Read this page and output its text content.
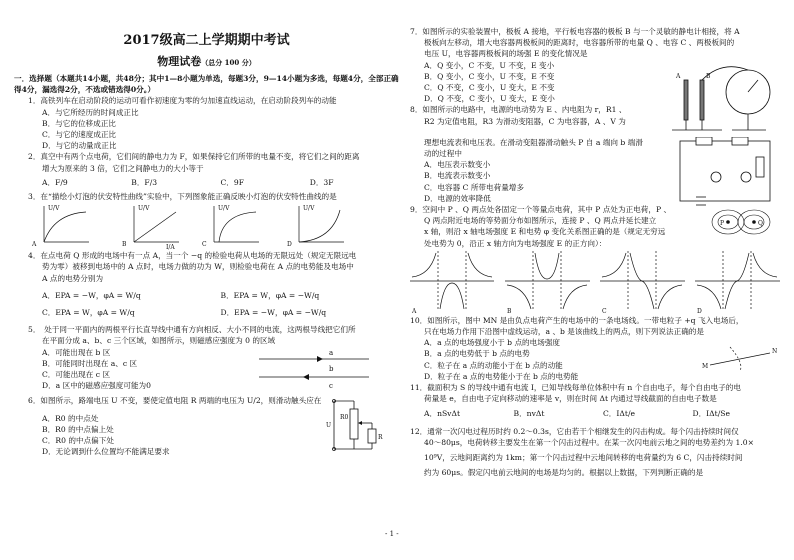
2017级高二上学期期中考试
物理试卷（总分 100 分）

一．选择题（本题共14小题，共48分；其中1—8小题为单选，每题3分，9—14小题为多选，每题4分，全部正确得4分，漏选得2分，不选或错选得0分。）

1．高铁列车在启动阶段的运动可看作初速度为零的匀加速直线运动，在启动阶段列车的动能

A．与它所经历的时间成正比

B．与它的位移成正比

C．与它的速度成正比

D．与它的动量成正比

2．真空中有两个点电荷，它们间的静电力为 F，如果保持它们所带的电量不变，将它们之间的距离

增大为原来的 3 倍，它们之间静电力的大小等于

A．F/9	B．F/3	C．9F	D．3F

3．在“描绘小灯泡的伏安特性曲线”实验中，下列图象能正确反映小灯泡的伏安特性曲线的是

U/V
A
U/V
B	I/A
U/V
C
U/V
D

4．在点电荷 Q 形成的电场中有一点 A，当一个 −q 的检验电荷从电场的无限远处（规定无限远电

势为零）被移到电场中的 A 点时，电场力做的功为 W，则检验电荷在 A 点的电势能及电场中

A 点的电势分别为

A．EPA = −W，φA = W/q	B．EPA = W，φA = −W/q
C．EPA = W，φA = W/q	D．EPA = −W，φA = −W/q

5．　处于同一平面内的两根平行长直导线中通有方向相反、大小不同的电流，这两根导线把它们所

在平面分成 a、b、c 三个区域，如图所示，则磁感应强度为 0 的区域

A．可能出现在 b 区

B．可能同时出现在 a、c 区

C．可能出现在 c 区

D．a 区中的磁感应强度可能为0

a
b
c

6．如图所示，路端电压 U 不变，要使定值电阻 R 两端的电压为 U/2，则滑动触头应在

A．R0 的中点处

B．R0 的中点偏上处

C．R0 的中点偏下处

D．无论调到什么位置均不能满足要求

U
R0
R

7．如图所示的实验装置中，极板 A 接地，平行板电容器的极板 B 与一个灵敏的静电计相接，将 A

极板向左移动，增大电容器两极板间的距离时，电容器所带的电量 Q 、电容 C 、两极板间的

电压 U，电容器两极板间的场强 E 的变化情况是

A．Q 变小，C 不变，U 不变，E 变小

B．Q 变小，C 变小，U 不变，E 不变

C．Q 不变，C 变小，U 变大，E 不变

D．Q 不变，C 变小，U 变大，E 变小

A	B

8．如图所示的电路中，电源的电动势为 E 、内电阻为 r，R1 、

R2 为定值电阻，R3 为滑动变阻器，C 为电容器，A 、V 为

理想电流表和电压表。在滑动变阻器滑动触头 P 自 a 端向 b 端滑

动的过程中

A．电压表示数变小

B．电流表示数变小

C．电容器 C 所带电荷量增多

D．电源的效率降低

9．空间中 P 、Q 两点处各固定一个等量点电荷，其中 P 点处为正电荷，P 、

Q 两点附近电场的等势面分布如图所示，连接 P 、Q 两点并延长建立

x 轴，则沿 x 轴电场强度 E 和电势 φ 变化关系图正确的是（规定无穷远

处电势为 0，沿正 x 轴方向为电场强度 E 的正方向）：

P	Q
A	B	C	D

10．如图所示，图中 MN 是由负点电荷产生的电场中的一条电场线。一带电粒子 +q 飞入电场后，

只在电场力作用下沿图中虚线运动，a 、b 是该曲线上的两点，则下列说法正确的是

A．a 点的电场强度小于 b 点的电场强度

B．a 点的电势低于 b 点的电势

C．粒子在 a 点的动能小于在 b 点的动能

D．粒子在 a 点的电势能小于在 b 点的电势能

M
N

11．截面积为 S 的导线中通有电流 I，已知导线每单位体积中有 n 个自由电子，每个自由电子的电

荷量是 e，自由电子定向移动的速率是 v，则在时间 Δt 内通过导线截面的自由电子数是

A．nSvΔt	B．nvΔt	C．IΔt/e	D．IΔt/Se

12．通常一次闪电过程历时约 0.2～0.3s，它由若干个相继发生的闪击构成。每个闪击持续时间仅

40～80μs，电荷转移主要发生在第一个闪击过程中。在某一次闪电前云地之间的电势差约为 1.0×

10⁹V，云地间距离约为 1km；第一个闪击过程中云地间转移的电荷量约为 6 C，闪击持续时间

约为 60μs。假定闪电前云地间的电场是均匀的。根据以上数据，下列判断正确的是

- 1 -
